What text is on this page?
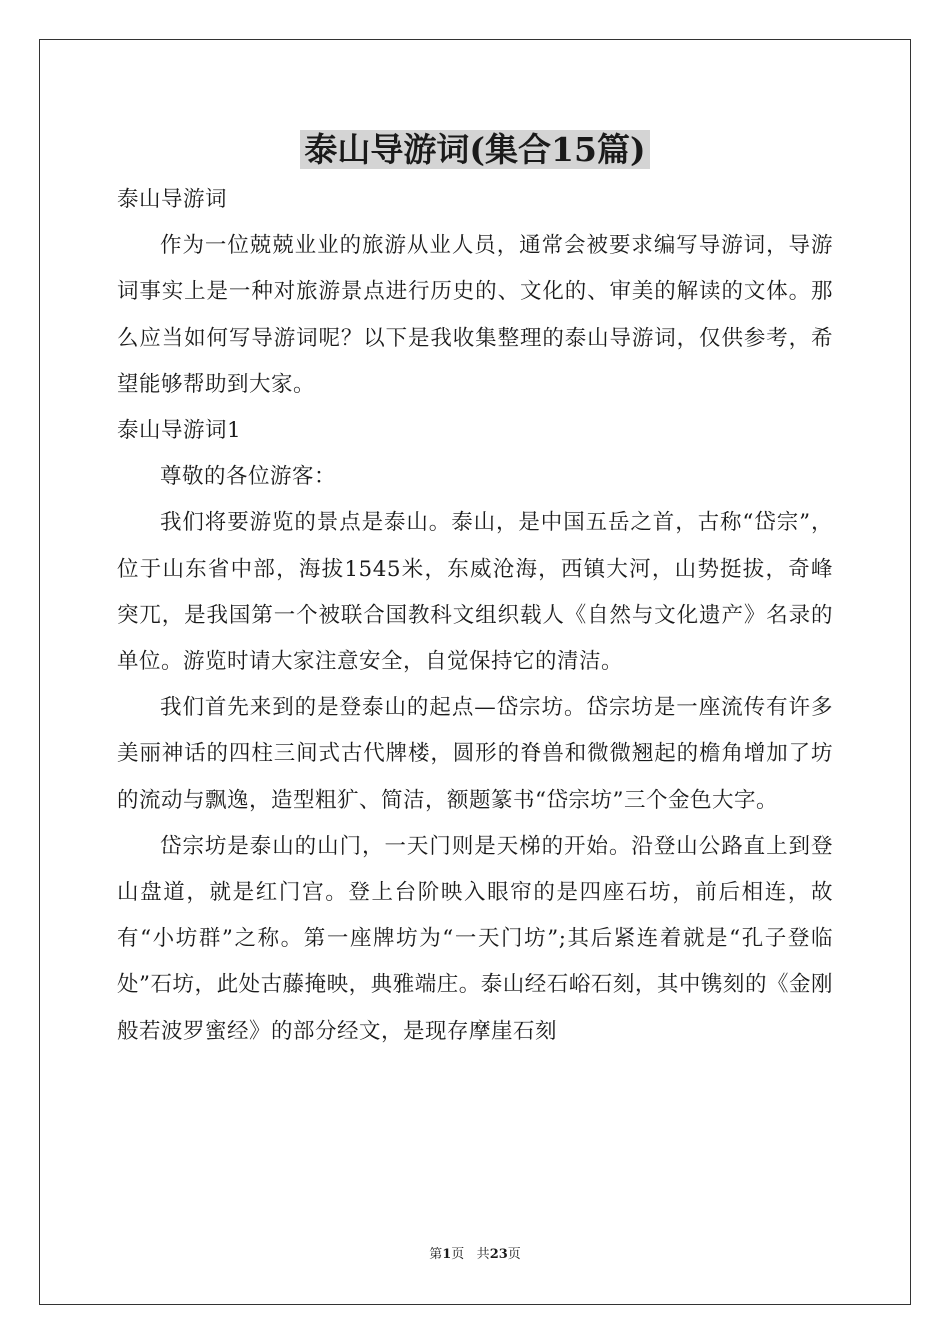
泰山导游词(集合15篇)

泰山导游词

作为一位兢兢业业的旅游从业人员，通常会被要求编写导游词，导游词事实上是一种对旅游景点进行历史的、文化的、审美的解读的文体。那么应当如何写导游词呢？以下是我收集整理的泰山导游词，仅供参考，希望能够帮助到大家。

泰山导游词1

尊敬的各位游客：

我们将要游览的景点是泰山。泰山，是中国五岳之首，古称“岱宗”，位于山东省中部，海拔1545米，东威沧海，西镇大河，山势挺拔，奇峰突兀，是我国第一个被联合国教科文组织载人《自然与文化遗产》名录的单位。游览时请大家注意安全，自觉保持它的清洁。

我们首先来到的是登泰山的起点—岱宗坊。岱宗坊是一座流传有许多美丽神话的四柱三间式古代牌楼，圆形的脊兽和微微翘起的檐角增加了坊的流动与飘逸，造型粗犷、简洁，额题篆书“岱宗坊”三个金色大字。

岱宗坊是泰山的山门，一天门则是天梯的开始。沿登山公路直上到登山盘道，就是红门宫。登上台阶映入眼帘的是四座石坊，前后相连，故有“小坊群”之称。第一座牌坊为“一天门坊”;其后紧连着就是“孔子登临处”石坊，此处古藤掩映，典雅端庄。泰山经石峪石刻，其中镌刻的《金刚般若波罗蜜经》的部分经文，是现存摩崖石刻

第1页 共23页
